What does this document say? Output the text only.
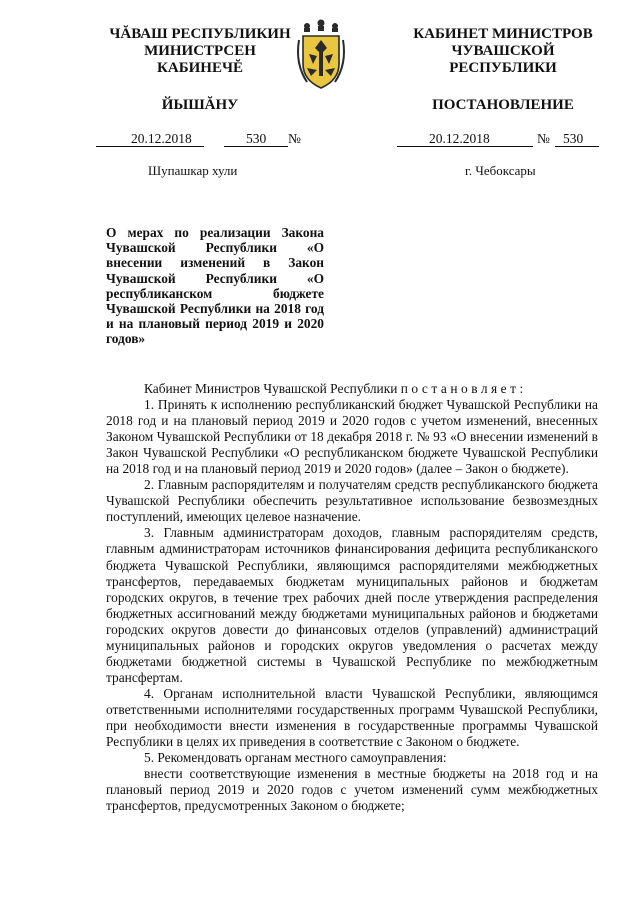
ЧĂВАШ РЕСПУБЛИКИН
МИНИСТРСЕН КАБИНЕЧĔ
ЙЫШĂНУ
КАБИНЕТ МИНИСТРОВ
ЧУВАШСКОЙ РЕСПУБЛИКИ
ПОСТАНОВЛЕНИЕ
20.12.2018	530 №
Шупашкар хули
20.12.2018	№ 530
г. Чебоксары
О мерах по реализации Закона Чувашской Республики «О внесении изменений в Закон Чувашской Республики «О республиканском бюджете Чувашской Республики на 2018 год и на плановый период 2019 и 2020 годов»

Кабинет Министров Чувашской Республики постановляет:

1. Принять к исполнению республиканский бюджет Чувашской Республики на 2018 год и на плановый период 2019 и 2020 годов с учетом изменений, внесенных Законом Чувашской Республики от 18 декабря 2018 г. № 93 «О внесении изменений в Закон Чувашской Республики «О республиканском бюджете Чувашской Республики на 2018 год и на плановый период 2019 и 2020 годов» (далее – Закон о бюджете).

2. Главным распорядителям и получателям средств республиканского бюджета Чувашской Республики обеспечить результативное использование безвозмездных поступлений, имеющих целевое назначение.

3. Главным администраторам доходов, главным распорядителям средств, главным администраторам источников финансирования дефицита республиканского бюджета Чувашской Республики, являющимся распорядителями межбюджетных трансфертов, передаваемых бюджетам муниципальных районов и бюджетам городских округов, в течение трех рабочих дней после утверждения распределения бюджетных ассигнований между бюджетами муниципальных районов и бюджетами городских округов довести до финансовых отделов (управлений) администраций муниципальных районов и городских округов уведомления о расчетах между бюджетами бюджетной системы в Чувашской Республике по межбюджетным трансфертам.

4. Органам исполнительной власти Чувашской Республики, являющимся ответственными исполнителями государственных программ Чувашской Республики, при необходимости внести изменения в государственные программы Чувашской Республики в целях их приведения в соответствие с Законом о бюджете.

5. Рекомендовать органам местного самоуправления:

внести соответствующие изменения в местные бюджеты на 2018 год и на плановый период 2019 и 2020 годов с учетом изменений сумм межбюджетных трансфертов, предусмотренных Законом о бюджете;
